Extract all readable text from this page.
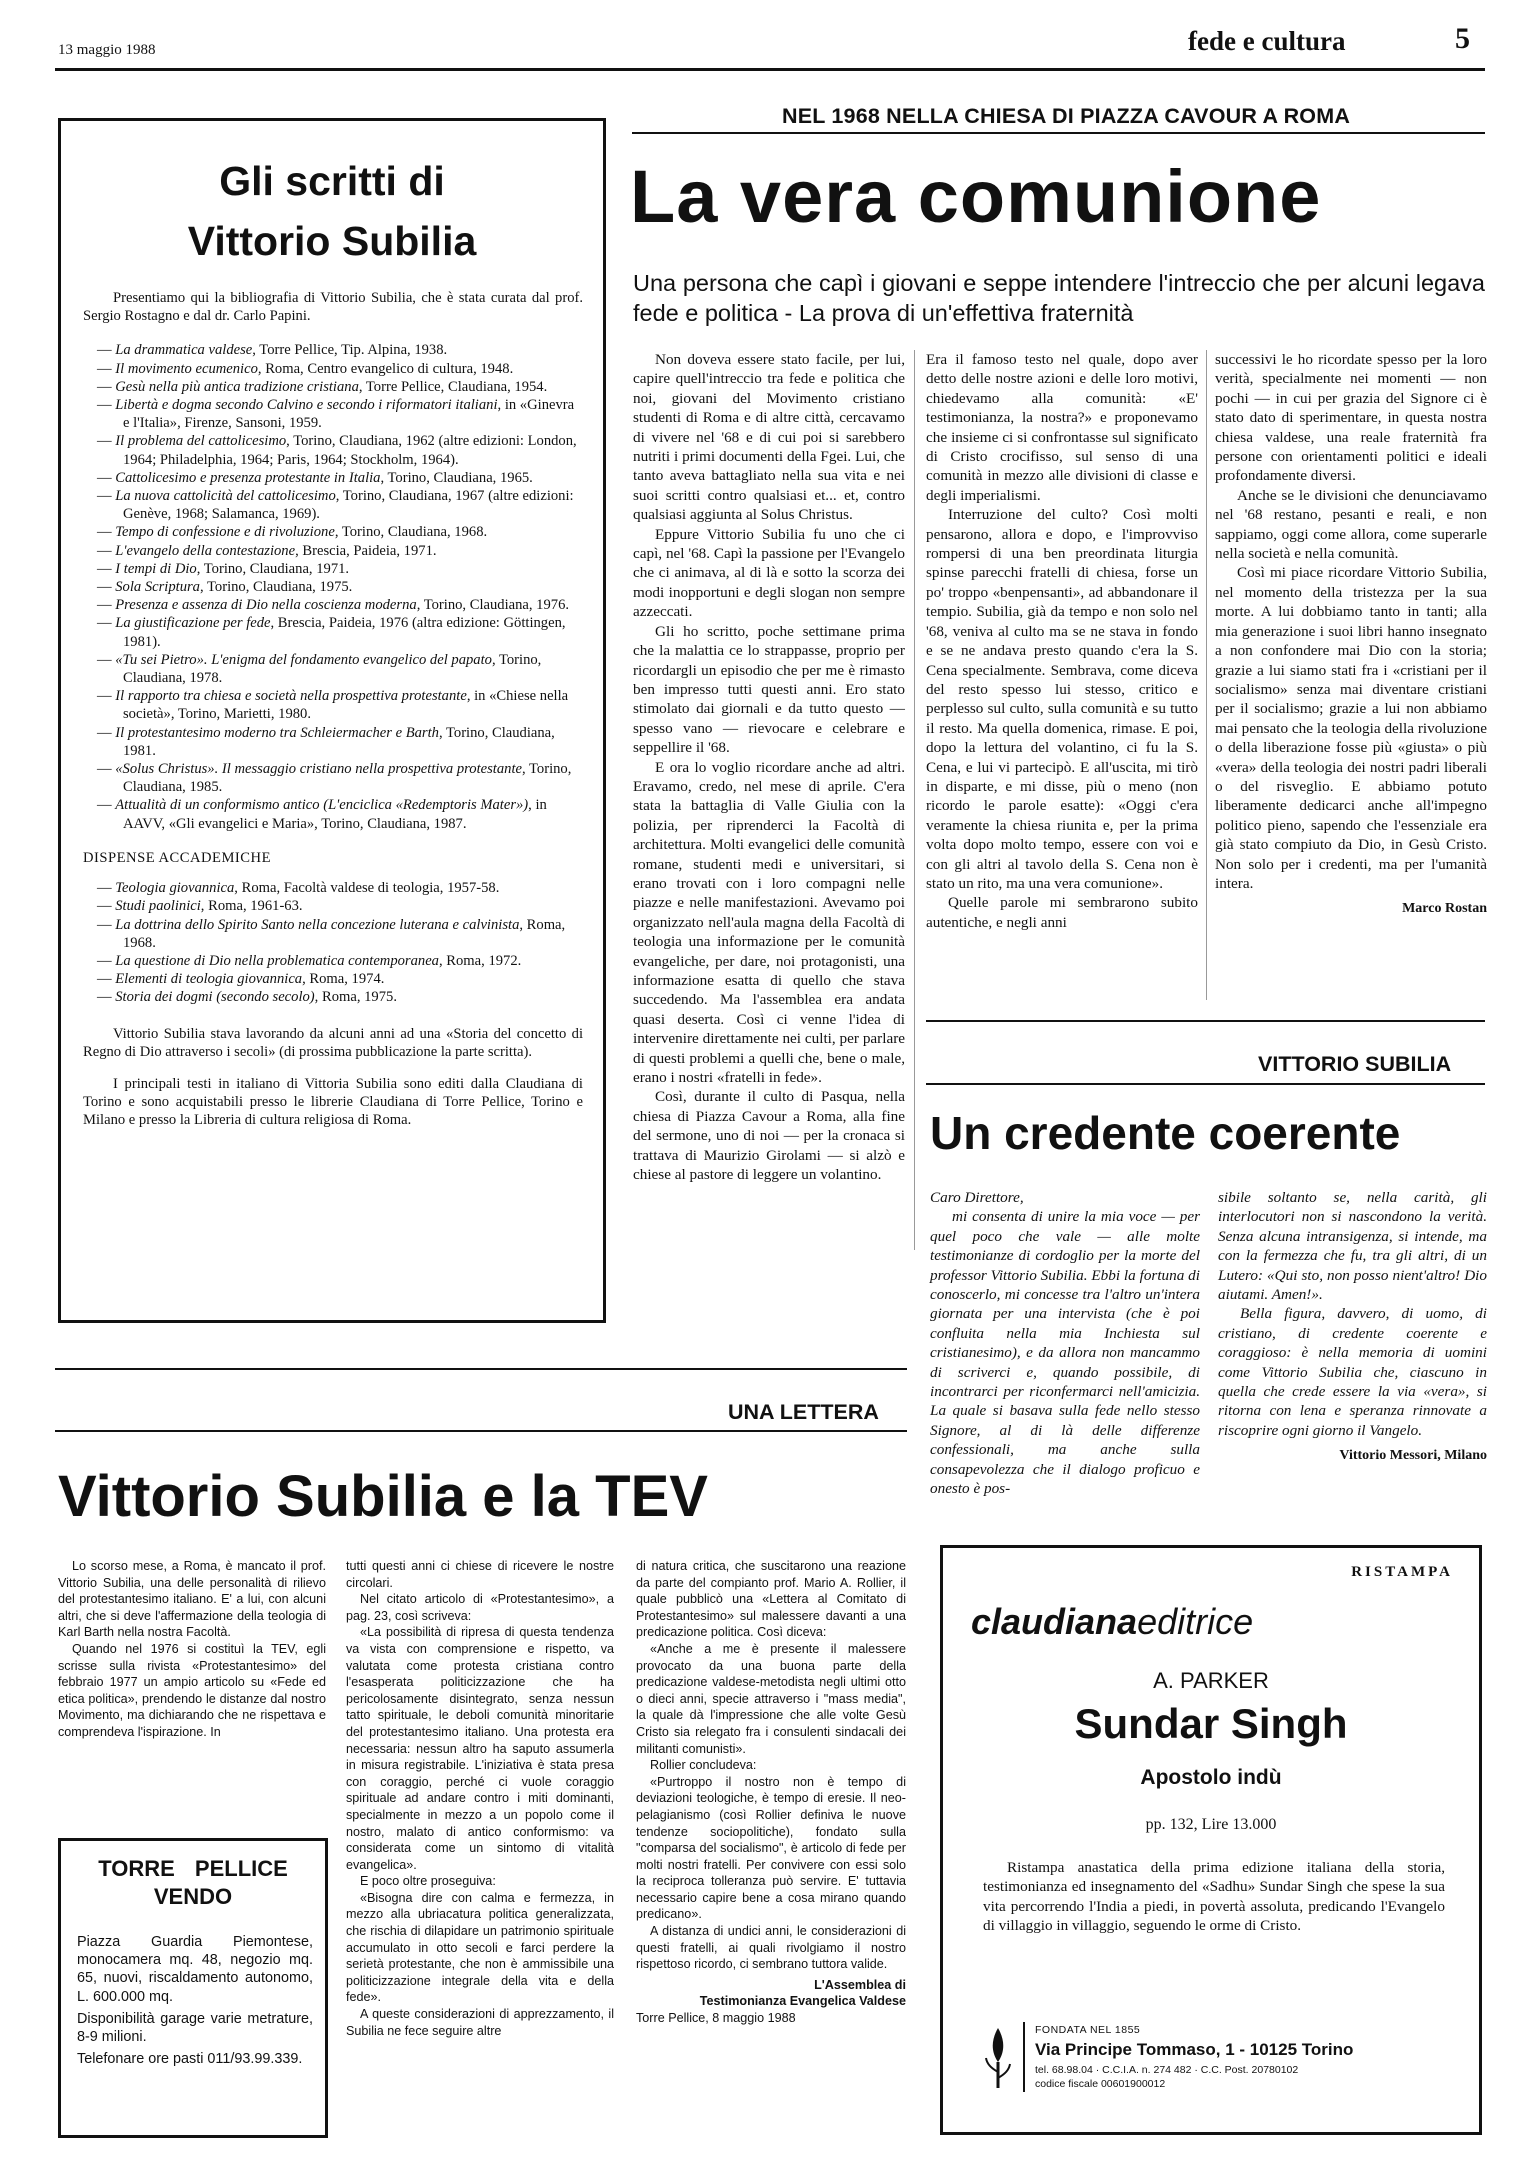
13 maggio 1988	fede e cultura	5
Gli scritti di
Vittorio Subilia

Presentiamo qui la bibliografia di Vittorio Subilia, che è stata curata dal prof. Sergio Rostagno e dal dr. Carlo Papini.

— La drammatica valdese, Torre Pellice, Tip. Alpina, 1938.

— Il movimento ecumenico, Roma, Centro evangelico di cultura, 1948.

— Gesù nella più antica tradizione cristiana, Torre Pellice, Claudiana, 1954.

— Libertà e dogma secondo Calvino e secondo i riformatori italiani, in «Ginevra e l'Italia», Firenze, Sansoni, 1959.

— Il problema del cattolicesimo, Torino, Claudiana, 1962 (altre edizioni: London, 1964; Philadelphia, 1964; Paris, 1964; Stockholm, 1964).

— Cattolicesimo e presenza protestante in Italia, Torino, Claudiana, 1965.

— La nuova cattolicità del cattolicesimo, Torino, Claudiana, 1967 (altre edizioni: Genève, 1968; Salamanca, 1969).

— Tempo di confessione e di rivoluzione, Torino, Claudiana, 1968.

— L'evangelo della contestazione, Brescia, Paideia, 1971.

— I tempi di Dio, Torino, Claudiana, 1971.

— Sola Scriptura, Torino, Claudiana, 1975.

— Presenza e assenza di Dio nella coscienza moderna, Torino, Claudiana, 1976.

— La giustificazione per fede, Brescia, Paideia, 1976 (altra edizione: Göttingen, 1981).

— «Tu sei Pietro». L'enigma del fondamento evangelico del papato, Torino, Claudiana, 1978.

— Il rapporto tra chiesa e società nella prospettiva protestante, in «Chiese nella società», Torino, Marietti, 1980.

— Il protestantesimo moderno tra Schleiermacher e Barth, Torino, Claudiana, 1981.

— «Solus Christus». Il messaggio cristiano nella prospettiva protestante, Torino, Claudiana, 1985.

— Attualità di un conformismo antico (L'enciclica «Redemptoris Mater»), in AAVV, «Gli evangelici e Maria», Torino, Claudiana, 1987.

DISPENSE ACCADEMICHE

— Teologia giovannica, Roma, Facoltà valdese di teologia, 1957-58.

— Studi paolinici, Roma, 1961-63.

— La dottrina dello Spirito Santo nella concezione luterana e calvinista, Roma, 1968.

— La questione di Dio nella problematica contemporanea, Roma, 1972.

— Elementi di teologia giovannica, Roma, 1974.

— Storia dei dogmi (secondo secolo), Roma, 1975.

Vittorio Subilia stava lavorando da alcuni anni ad una «Storia del concetto di Regno di Dio attraverso i secoli» (di prossima pubblicazione la parte scritta).

I principali testi in italiano di Vittoria Subilia sono editi dalla Claudiana di Torino e sono acquistabili presso le librerie Claudiana di Torre Pellice, Torino e Milano e presso la Libreria di cultura religiosa di Roma.

NEL 1968 NELLA CHIESA DI PIAZZA CAVOUR A ROMA
La vera comunione
Una persona che capì i giovani e seppe intendere l'intreccio che per alcuni legava fede e politica - La prova di un'effettiva fraternità

Non doveva essere stato facile, per lui, capire quell'intreccio tra fede e politica che noi, giovani del Movimento cristiano studenti di Roma e di altre città, cercavamo di vivere nel '68 e di cui poi si sarebbero nutriti i primi documenti della Fgei. Lui, che tanto aveva battagliato nella sua vita e nei suoi scritti contro qualsiasi et... et, contro qualsiasi aggiunta al Solus Christus.

Eppure Vittorio Subilia fu uno che ci capì, nel '68. Capì la passione per l'Evangelo che ci animava, al di là e sotto la scorza dei modi inopportuni e degli slogan non sempre azzeccati.

Gli ho scritto, poche settimane prima che la malattia ce lo strappasse, proprio per ricordargli un episodio che per me è rimasto ben impresso tutti questi anni. Ero stato stimolato dai giornali e da tutto questo — spesso vano — rievocare e celebrare e seppellire il '68.

E ora lo voglio ricordare anche ad altri. Eravamo, credo, nel mese di aprile. C'era stata la battaglia di Valle Giulia con la polizia, per riprenderci la Facoltà di architettura. Molti evangelici delle comunità romane, studenti medi e universitari, si erano trovati con i loro compagni nelle piazze e nelle manifestazioni. Avevamo poi organizzato nell'aula magna della Facoltà di teologia una informazione per le comunità evangeliche, per dare, noi protagonisti, una informazione esatta di quello che stava succedendo. Ma l'assemblea era andata quasi deserta. Così ci venne l'idea di intervenire direttamente nei culti, per parlare di questi problemi a quelli che, bene o male, erano i nostri «fratelli in fede».

Così, durante il culto di Pasqua, nella chiesa di Piazza Cavour a Roma, alla fine del sermone, uno di noi — per la cronaca si trattava di Maurizio Girolami — si alzò e chiese al pastore di leggere un volantino.

Era il famoso testo nel quale, dopo aver detto delle nostre azioni e delle loro motivi, chiedevamo alla comunità: «E' testimonianza, la nostra?» e proponevamo che insieme ci si confrontasse sul significato di Cristo crocifisso, sul senso di una comunità in mezzo alle divisioni di classe e degli imperialismi.

Interruzione del culto? Così molti pensarono, allora e dopo, e l'improvviso rompersi di una ben preordinata liturgia spinse parecchi fratelli di chiesa, forse un po' troppo «benpensanti», ad abbandonare il tempio. Subilia, già da tempo e non solo nel '68, veniva al culto ma se ne stava in fondo e se ne andava presto quando c'era la S. Cena specialmente. Sembrava, come diceva del resto spesso lui stesso, critico e perplesso sul culto, sulla comunità e su tutto il resto. Ma quella domenica, rimase. E poi, dopo la lettura del volantino, ci fu la S. Cena, e lui vi partecipò. E all'uscita, mi tirò in disparte, e mi disse, più o meno (non ricordo le parole esatte): «Oggi c'era veramente la chiesa riunita e, per la prima volta dopo molto tempo, essere con voi e con gli altri al tavolo della S. Cena non è stato un rito, ma una vera comunione».

Quelle parole mi sembrarono subito autentiche, e negli anni

successivi le ho ricordate spesso per la loro verità, specialmente nei momenti — non pochi — in cui per grazia del Signore ci è stato dato di sperimentare, in questa nostra chiesa valdese, una reale fraternità fra persone con orientamenti politici e ideali profondamente diversi.

Anche se le divisioni che denunciavamo nel '68 restano, pesanti e reali, e non sappiamo, oggi come allora, come superarle nella società e nella comunità.

Così mi piace ricordare Vittorio Subilia, nel momento della tristezza per la sua morte. A lui dobbiamo tanto in tanti; alla mia generazione i suoi libri hanno insegnato a non confondere mai Dio con la storia; grazie a lui siamo stati fra i «cristiani per il socialismo» senza mai diventare cristiani per il socialismo; grazie a lui non abbiamo mai pensato che la teologia della rivoluzione o della liberazione fosse più «giusta» o più «vera» della teologia dei nostri padri liberali o del risveglio. E abbiamo potuto liberamente dedicarci anche all'impegno politico pieno, sapendo che l'essenziale era già stato compiuto da Dio, in Gesù Cristo. Non solo per i credenti, ma per l'umanità intera.

Marco Rostan

VITTORIO SUBILIA
Un credente coerente

Caro Direttore,

mi consenta di unire la mia voce — per quel poco che vale — alle molte testimonianze di cordoglio per la morte del professor Vittorio Subilia. Ebbi la fortuna di conoscerlo, mi concesse tra l'altro un'intera giornata per una intervista (che è poi confluita nella mia Inchiesta sul cristianesimo), e da allora non mancammo di scriverci e, quando possibile, di incontrarci per riconfermarci nell'amicizia. La quale si basava sulla fede nello stesso Signore, al di là delle differenze confessionali, ma anche sulla consapevolezza che il dialogo proficuo e onesto è pos-

sibile soltanto se, nella carità, gli interlocutori non si nascondono la verità. Senza alcuna intransigenza, si intende, ma con la fermezza che fu, tra gli altri, di un Lutero: «Qui sto, non posso nient'altro! Dio aiutami. Amen!».

Bella figura, davvero, di uomo, di cristiano, di credente coerente e coraggioso: è nella memoria di uomini come Vittorio Subilia che, ciascuno in quella che crede essere la via «vera», si ritorna con lena e speranza rinnovate a riscoprire ogni giorno il Vangelo.

Vittorio Messori, Milano

UNA LETTERA
Vittorio Subilia e la TEV

Lo scorso mese, a Roma, è mancato il prof. Vittorio Subilia, una delle personalità di rilievo del protestantesimo italiano. E' a lui, con alcuni altri, che si deve l'affermazione della teologia di Karl Barth nella nostra Facoltà.

Quando nel 1976 si costituì la TEV, egli scrisse sulla rivista «Protestantesimo» del febbraio 1977 un ampio articolo su «Fede ed etica politica», prendendo le distanze dal nostro Movimento, ma dichiarando che ne rispettava e comprendeva l'ispirazione. In

tutti questi anni ci chiese di ricevere le nostre circolari.

Nel citato articolo di «Protestantesimo», a pag. 23, così scriveva:

«La possibilità di ripresa di questa tendenza va vista con comprensione e rispetto, va valutata come protesta cristiana contro l'esasperata politicizzazione che ha pericolosamente disintegrato, senza nessun tatto spirituale, le deboli comunità minoritarie del protestantesimo italiano. Una protesta era necessaria: nessun altro ha saputo assumerla in misura registrabile. L'iniziativa è stata presa con coraggio, perché ci vuole coraggio spirituale ad andare contro i miti dominanti, specialmente in mezzo a un popolo come il nostro, malato di antico conformismo: va considerata come un sintomo di vitalità evangelica».

E poco oltre proseguiva:

«Bisogna dire con calma e fermezza, in mezzo alla ubriacatura politica generalizzata, che rischia di dilapidare un patrimonio spirituale accumulato in otto secoli e farci perdere la serietà protestante, che non è ammissibile una politicizzazione integrale della vita e della fede».

A queste considerazioni di apprezzamento, il Subilia ne fece seguire altre

di natura critica, che suscitarono una reazione da parte del compianto prof. Mario A. Rollier, il quale pubblicò una «Lettera al Comitato di Protestantesimo» sul malessere davanti a una predicazione politica. Così diceva:

«Anche a me è presente il malessere provocato da una buona parte della predicazione valdese-metodista negli ultimi otto o dieci anni, specie attraverso i "mass media", la quale dà l'impressione che alle volte Gesù Cristo sia relegato fra i consulenti sindacali dei militanti comunisti».

Rollier concludeva:

«Purtroppo il nostro non è tempo di deviazioni teologiche, è tempo di eresie. Il neo-pelagianismo (così Rollier definiva le nuove tendenze sociopolitiche), fondato sulla "comparsa del socialismo", è articolo di fede per molti nostri fratelli. Per convivere con essi solo la reciproca tolleranza può servire. E' tuttavia necessario capire bene a cosa mirano quando predicano».

A distanza di undici anni, le considerazioni di questi fratelli, ai quali rivolgiamo il nostro rispettoso ricordo, ci sembrano tuttora valide.

L'Assemblea di

Testimonianza Evangelica Valdese

Torre Pellice, 8 maggio 1988

TORRE PELLICE
VENDO

Piazza Guardia Piemontese, monocamera mq. 48, negozio mq. 65, nuovi, riscaldamento autonomo, L. 600.000 mq.

Disponibilità garage varie metrature, 8-9 milioni.

Telefonare ore pasti 011/93.99.339.

RISTAMPA
claudianaeditrice
A. PARKER
Sundar Singh
Apostolo indù
pp. 132, Lire 13.000
Ristampa anastatica della prima edizione italiana della storia, testimonianza ed insegnamento del «Sadhu» Sundar Singh che spese la sua vita percorrendo l'India a piedi, in povertà assoluta, predicando l'Evangelo di villaggio in villaggio, seguendo le orme di Cristo.
FONDATA NEL 1855
Via Principe Tommaso, 1 - 10125 Torino
tel. 68.98.04 · C.C.I.A. n. 274 482 · C.C. Post. 20780102
codice fiscale 00601900012
